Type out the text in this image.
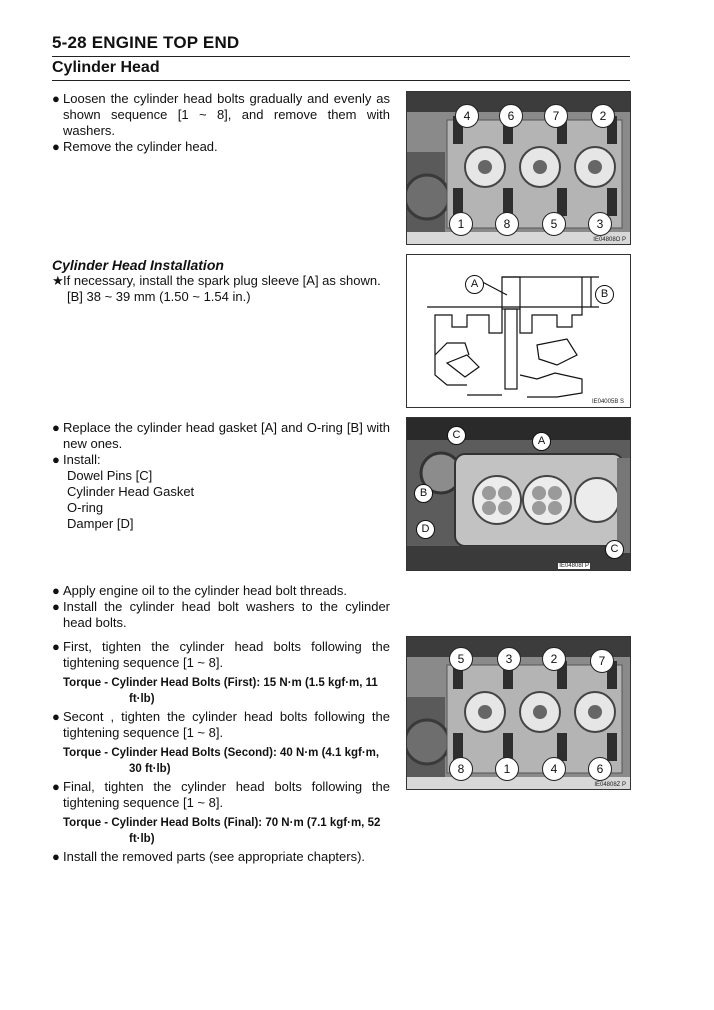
5-28 ENGINE TOP END
Cylinder Head
● Loosen the cylinder head bolts gradually and evenly as shown sequence [1 ~ 8], and remove them with washers.
● Remove the cylinder head.
4	6	7	2
1	8	5	3
IE04808O P
Cylinder Head Installation
★ If necessary, install the spark plug sleeve [A] as shown.
[B] 38 ~ 39 mm (1.50 ~ 1.54 in.)
A
B
IE04005B S
● Replace the cylinder head gasket [A] and O-ring [B] with new ones.
● Install:
Dowel Pins [C]
Cylinder Head Gasket
O-ring
Damper [D]
C	A
B
D
C
IE04808I P
● Apply engine oil to the cylinder head bolt threads.
● Install the cylinder head bolt washers to the cylinder head bolts.
● First, tighten the cylinder head bolts following the tightening sequence [1 ~ 8].
Torque - Cylinder Head Bolts (First): 15 N·m (1.5 kgf·m, 11
ft·lb)
● Secont , tighten the cylinder head bolts following the tightening sequence [1 ~ 8].
Torque - Cylinder Head Bolts (Second): 40 N·m (4.1 kgf·m,
30 ft·lb)
● Final, tighten the cylinder head bolts following the tightening sequence [1 ~ 8].
Torque - Cylinder Head Bolts (Final): 70 N·m (7.1 kgf·m, 52
ft·lb)
● Install the removed parts (see appropriate chapters).
5	3	2	7
8	1	4	6
IE04808Z P
